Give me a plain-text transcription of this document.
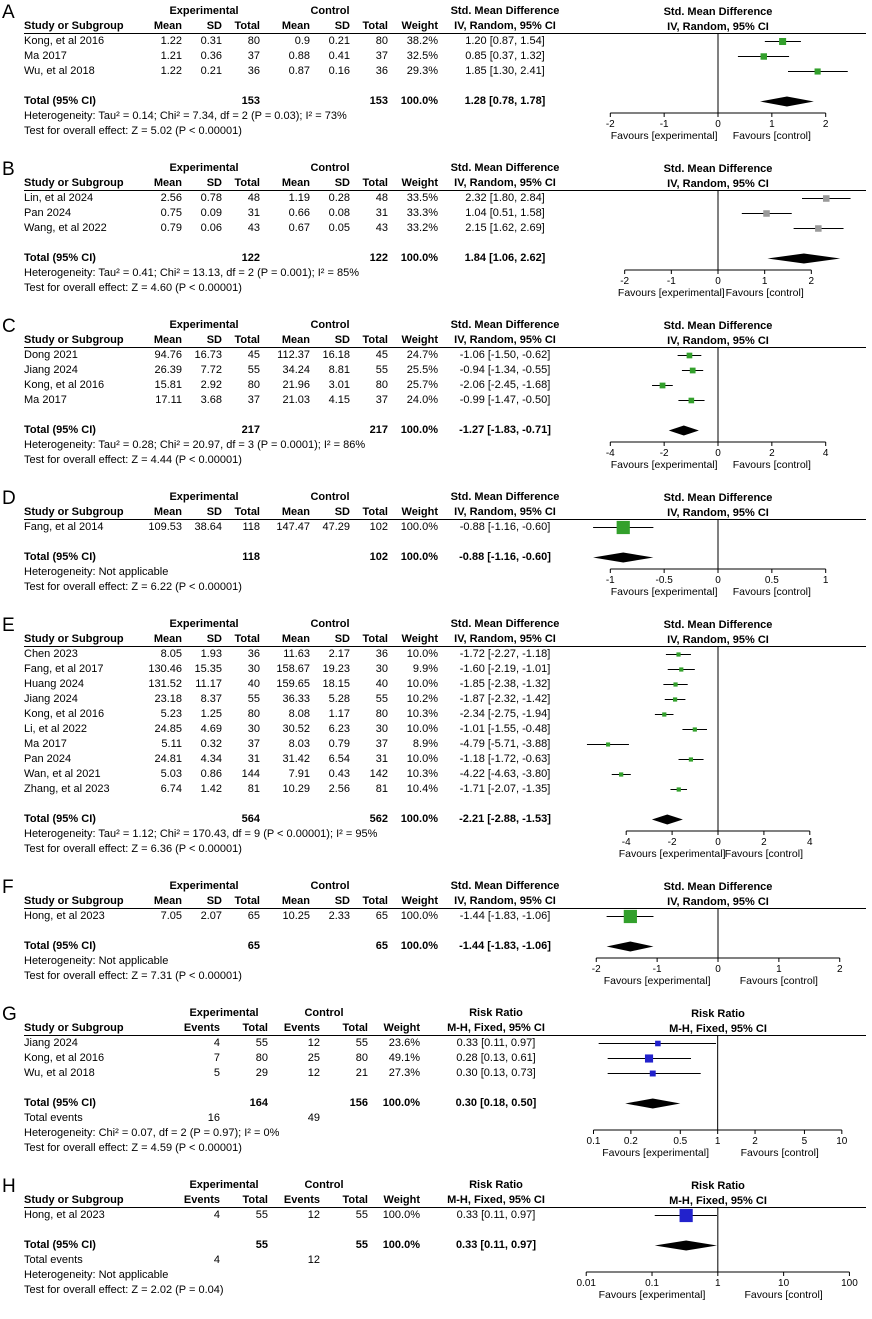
A	Experimental	Control	Std. Mean Difference
Study or Subgroup	Mean	SD	Total	Mean	SD	Total	Weight	IV, Random, 95% CI
Kong, et al 2016	1.22	0.31	80	0.9	0.21	80	38.2%	1.20 [0.87, 1.54]
Ma 2017	1.21	0.36	37	0.88	0.41	37	32.5%	0.85 [0.37, 1.32]
Wu, et al 2018	1.22	0.21	36	0.87	0.16	36	29.3%	1.85 [1.30, 2.41]
Total (95% CI)	153	153	100.0%	1.28 [0.78, 1.78]
Heterogeneity: Tau² = 0.14; Chi² = 7.34, df = 2 (P = 0.03); I² = 73%
Test for overall effect: Z = 5.02 (P < 0.00001)
Std. Mean Difference
IV, Random, 95% CI
-2	-1	0	1	2
Favours [experimental] Favours [control]
B	Experimental	Control	Std. Mean Difference
Study or Subgroup	Mean	SD	Total	Mean	SD	Total	Weight	IV, Random, 95% CI
Lin, et al 2024	2.56	0.78	48	1.19	0.28	48	33.5%	2.32 [1.80, 2.84]
Pan 2024	0.75	0.09	31	0.66	0.08	31	33.3%	1.04 [0.51, 1.58]
Wang, et al 2022	0.79	0.06	43	0.67	0.05	43	33.2%	2.15 [1.62, 2.69]
Total (95% CI)	122	122	100.0%	1.84 [1.06, 2.62]
Heterogeneity: Tau² = 0.41; Chi² = 13.13, df = 2 (P = 0.001); I² = 85%
Test for overall effect: Z = 4.60 (P < 0.00001)
Std. Mean Difference
IV, Random, 95% CI
-2	-1	0	1	2
Favours [experimental] Favours [control]
C	Experimental	Control	Std. Mean Difference
Study or Subgroup	Mean	SD	Total	Mean	SD	Total	Weight	IV, Random, 95% CI
Dong 2021	94.76	16.73	45	112.37	16.18	45	24.7%	-1.06 [-1.50, -0.62]
Jiang 2024	26.39	7.72	55	34.24	8.81	55	25.5%	-0.94 [-1.34, -0.55]
Kong, et al 2016	15.81	2.92	80	21.96	3.01	80	25.7%	-2.06 [-2.45, -1.68]
Ma 2017	17.11	3.68	37	21.03	4.15	37	24.0%	-0.99 [-1.47, -0.50]
Total (95% CI)	217	217	100.0%	-1.27 [-1.83, -0.71]
Heterogeneity: Tau² = 0.28; Chi² = 20.97, df = 3 (P = 0.0001); I² = 86%
Test for overall effect: Z = 4.44 (P < 0.00001)
Std. Mean Difference
IV, Random, 95% CI
-4	-2	0	2	4
Favours [experimental] Favours [control]
D	Experimental	Control	Std. Mean Difference
Study or Subgroup	Mean	SD	Total	Mean	SD	Total	Weight	IV, Random, 95% CI
Fang, et al 2014	109.53	38.64	118	147.47	47.29	102	100.0%	-0.88 [-1.16, -0.60]
Total (95% CI)	118	102	100.0%	-0.88 [-1.16, -0.60]
Heterogeneity: Not applicable
Test for overall effect: Z = 6.22 (P < 0.00001)
Std. Mean Difference
IV, Random, 95% CI
-1	-0.5	0	0.5	1
Favours [experimental] Favours [control]
E	Experimental	Control	Std. Mean Difference
Study or Subgroup	Mean	SD	Total	Mean	SD	Total	Weight	IV, Random, 95% CI
Chen 2023	8.05	1.93	36	11.63	2.17	36	10.0%	-1.72 [-2.27, -1.18]
Fang, et al 2017	130.46	15.35	30	158.67	19.23	30	9.9%	-1.60 [-2.19, -1.01]
Huang 2024	131.52	11.17	40	159.65	18.15	40	10.0%	-1.85 [-2.38, -1.32]
Jiang 2024	23.18	8.37	55	36.33	5.28	55	10.2%	-1.87 [-2.32, -1.42]
Kong, et al 2016	5.23	1.25	80	8.08	1.17	80	10.3%	-2.34 [-2.75, -1.94]
Li, et al 2022	24.85	4.69	30	30.52	6.23	30	10.0%	-1.01 [-1.55, -0.48]
Ma 2017	5.11	0.32	37	8.03	0.79	37	8.9%	-4.79 [-5.71, -3.88]
Pan 2024	24.81	4.34	31	31.42	6.54	31	10.0%	-1.18 [-1.72, -0.63]
Wan, et al 2021	5.03	0.86	144	7.91	0.43	142	10.3%	-4.22 [-4.63, -3.80]
Zhang, et al 2023	6.74	1.42	81	10.29	2.56	81	10.4%	-1.71 [-2.07, -1.35]
Total (95% CI)	564	562	100.0%	-2.21 [-2.88, -1.53]
Heterogeneity: Tau² = 1.12; Chi² = 170.43, df = 9 (P < 0.00001); I² = 95%
Test for overall effect: Z = 6.36 (P < 0.00001)
Std. Mean Difference
IV, Random, 95% CI
-4	-2	0	2	4
Favours [experimental] Favours [control]
F	Experimental	Control	Std. Mean Difference
Study or Subgroup	Mean	SD	Total	Mean	SD	Total	Weight	IV, Random, 95% CI
Hong, et al 2023	7.05	2.07	65	10.25	2.33	65	100.0%	-1.44 [-1.83, -1.06]
Total (95% CI)	65	65	100.0%	-1.44 [-1.83, -1.06]
Heterogeneity: Not applicable
Test for overall effect: Z = 7.31 (P < 0.00001)
Std. Mean Difference
IV, Random, 95% CI
-2	-1	0	1	2
Favours [experimental]	Favours [control]
G	Experimental	Control	Risk Ratio
Study or Subgroup	Events	Total	Events	Total	Weight	M-H, Fixed, 95% CI
Jiang 2024	4	55	12	55	23.6%	0.33 [0.11, 0.97]
Kong, et al 2016	7	80	25	80	49.1%	0.28 [0.13, 0.61]
Wu, et al 2018	5	29	12	21	27.3%	0.30 [0.13, 0.73]
Total (95% CI)	164	156	100.0%	0.30 [0.18, 0.50]
Total events	16	49
Heterogeneity: Chi² = 0.07, df = 2 (P = 0.97); I² = 0%
Test for overall effect: Z = 4.59 (P < 0.00001)
Risk Ratio
M-H, Fixed, 95% CI
0.1 0.2	0.5	1	2	5	10
Favours [experimental]	Favours [control]
H	Experimental	Control	Risk Ratio
Study or Subgroup	Events	Total	Events	Total	Weight	M-H, Fixed, 95% CI
Hong, et al 2023	4	55	12	55	100.0%	0.33 [0.11, 0.97]
Total (95% CI)	55	55	100.0%	0.33 [0.11, 0.97]
Total events	4	12
Heterogeneity: Not applicable
Test for overall effect: Z = 2.02 (P = 0.04)
Risk Ratio
M-H, Fixed, 95% CI
0.01	0.1	1	10	100
Favours [experimental]	Favours [control]
